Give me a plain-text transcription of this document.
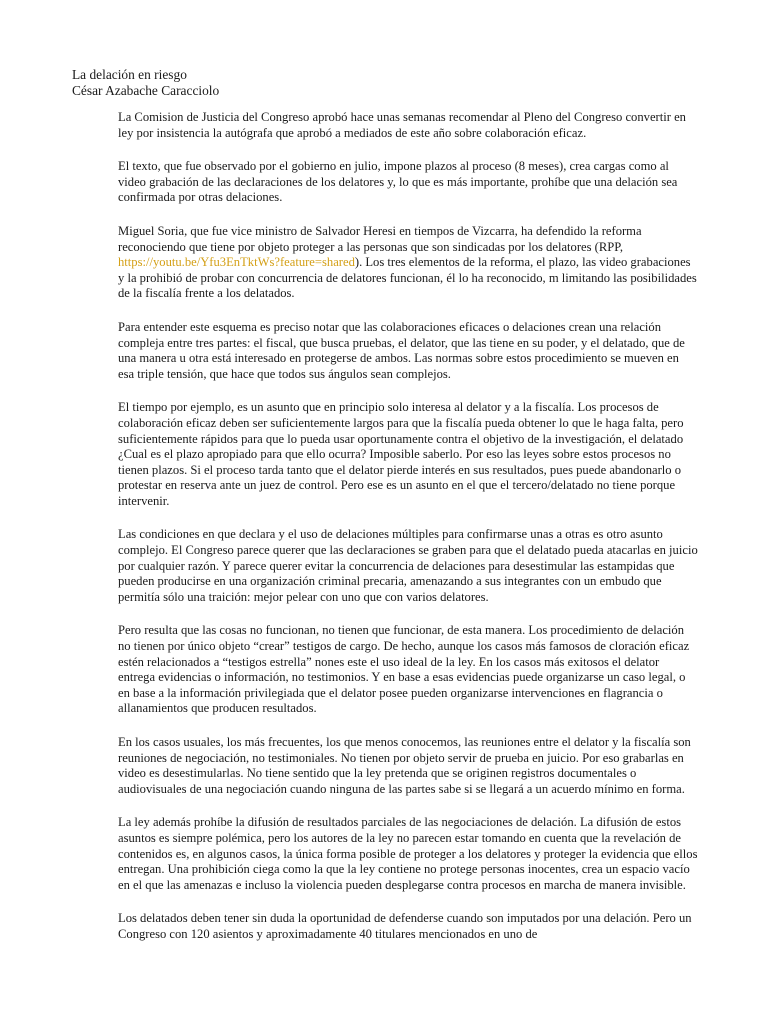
La delación en riesgo
César Azabache Caracciolo

La Comision de Justicia del Congreso aprobó hace unas semanas recomendar al Pleno del Congreso convertir en ley por insistencia la autógrafa que aprobó a mediados de este año sobre colaboración eficaz.

El texto, que fue observado por el gobierno en julio, impone plazos al proceso (8 meses), crea cargas como al video grabación de las declaraciones de los delatores y, lo que es más importante, prohíbe que una delación sea confirmada por otras delaciones.

Miguel Soria, que fue vice ministro de Salvador Heresi en tiempos de Vizcarra, ha defendido la reforma reconociendo que tiene por objeto proteger a las personas que son sindicadas por los delatores (RPP, https://youtu.be/Yfu3EnTktWs?feature=shared). Los tres elementos de la reforma, el plazo, las video grabaciones y la prohibió de probar con concurrencia de delatores funcionan, él lo ha reconocido, m limitando las posibilidades de la fiscalía frente a los delatados.

Para entender este esquema es preciso notar que las colaboraciones eficaces o delaciones crean una relación compleja entre tres partes: el fiscal, que busca pruebas, el delator, que las tiene en su poder, y el delatado, que de una manera u otra está interesado en protegerse de ambos. Las normas sobre estos procedimiento se mueven en esa triple tensión, que hace que todos sus ángulos sean complejos.

El tiempo por ejemplo, es un asunto que en principio solo interesa al delator y a la fiscalía. Los procesos de colaboración eficaz deben ser suficientemente largos para que la fiscalía pueda obtener lo que le haga falta, pero suficientemente rápidos para que lo pueda usar oportunamente contra el objetivo de la investigación, el delatado ¿Cual es el plazo apropiado para que ello ocurra? Imposible saberlo. Por eso las leyes sobre estos procesos no tienen plazos. Si el proceso tarda tanto que el delator pierde interés en sus resultados, pues puede abandonarlo o protestar en reserva ante un juez de control. Pero ese es un asunto en el que el tercero/delatado no tiene porque intervenir.

Las condiciones en que declara y el uso de delaciones múltiples para confirmarse unas a otras es otro asunto complejo. El Congreso parece querer que las declaraciones se graben para que el delatado pueda atacarlas en juicio por cualquier razón. Y parece querer evitar la concurrencia de delaciones para desestimular las estampidas que pueden producirse en una organización criminal precaria, amenazando a sus integrantes con un embudo que permitía sólo una traición: mejor pelear con uno que con varios delatores.

Pero resulta que las cosas no funcionan, no tienen que funcionar, de esta manera. Los procedimiento de delación no tienen por único objeto “crear” testigos de cargo. De hecho, aunque los casos más famosos de cloración eficaz estén relacionados a “testigos estrella” nones este el uso ideal de la ley. En los casos más exitosos el delator entrega evidencias o información, no testimonios. Y en base a esas evidencias puede organizarse un caso legal, o en base a la información privilegiada que el delator posee pueden organizarse intervenciones en flagrancia o allanamientos que producen resultados.

En los casos usuales, los más frecuentes, los que menos conocemos, las reuniones entre el delator y la fiscalía son reuniones de negociación, no testimoniales. No tienen por objeto servir de prueba en juicio. Por eso grabarlas en video es desestimularlas. No tiene sentido que la ley pretenda que se originen registros documentales o audiovisuales de una negociación cuando ninguna de las partes sabe si se llegará a un acuerdo mínimo en forma.

La ley además prohíbe la difusión de resultados parciales de las negociaciones de delación. La difusión de estos asuntos es siempre polémica, pero los autores de la ley no parecen estar tomando en cuenta que la revelación de contenidos es, en algunos casos, la única forma posible de proteger a los delatores y proteger la evidencia que ellos entregan. Una prohibición ciega como la que la ley contiene no protege personas inocentes, crea un espacio vacío en el que las amenazas e incluso la violencia pueden desplegarse contra procesos en marcha de manera invisible.

Los delatados deben tener sin duda la oportunidad de defenderse cuando son imputados por una delación. Pero un Congreso con 120 asientos y aproximadamente 40 titulares mencionados en uno de
